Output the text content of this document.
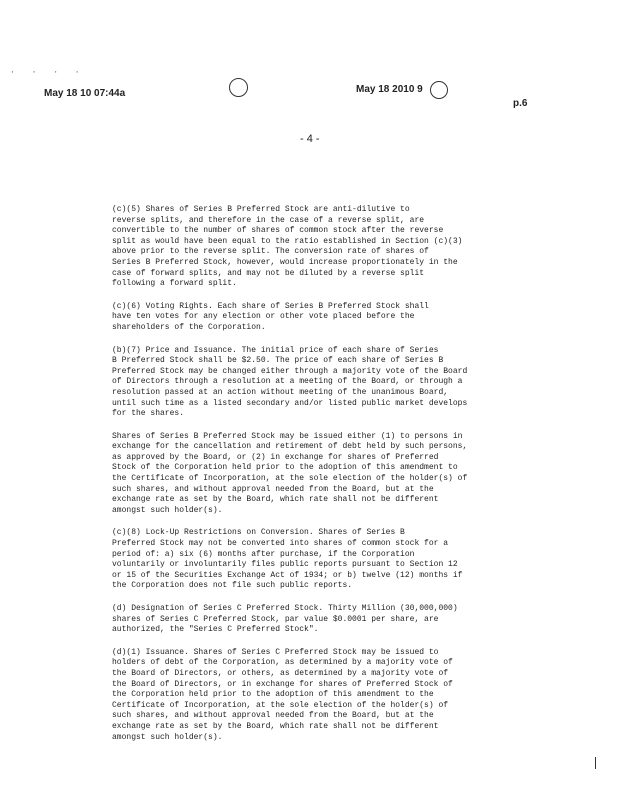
· · · ·
May 18 10 07:44a	May 18 2010 9
p.6
- 4 -

(c)(5) Shares of Series B Preferred Stock are anti-dilutive to
reverse splits, and therefore in the case of a reverse split, are
convertible to the number of shares of common stock after the reverse
split as would have been equal to the ratio established in Section (c)(3)
above prior to the reverse split. The conversion rate of shares of
Series B Preferred Stock, however, would increase proportionately in the
case of forward splits, and may not be diluted by a reverse split
following a forward split.

(c)(6) Voting Rights. Each share of Series B Preferred Stock shall
have ten votes for any election or other vote placed before the
shareholders of the Corporation.

(b)(7) Price and Issuance. The initial price of each share of Series
B Preferred Stock shall be $2.50. The price of each share of Series B
Preferred Stock may be changed either through a majority vote of the Board
of Directors through a resolution at a meeting of the Board, or through a
resolution passed at an action without meeting of the unanimous Board,
until such time as a listed secondary and/or listed public market develops
for the shares.

Shares of Series B Preferred Stock may be issued either (1) to persons in
exchange for the cancellation and retirement of debt held by such persons,
as approved by the Board, or (2) in exchange for shares of Preferred
Stock of the Corporation held prior to the adoption of this amendment to
the Certificate of Incorporation, at the sole election of the holder(s) of
such shares, and without approval needed from the Board, but at the
exchange rate as set by the Board, which rate shall not be different
amongst such holder(s).

(c)(8) Lock-Up Restrictions on Conversion. Shares of Series B
Preferred Stock may not be converted into shares of common stock for a
period of: a) six (6) months after purchase, if the Corporation
voluntarily or involuntarily files public reports pursuant to Section 12
or 15 of the Securities Exchange Act of 1934; or b) twelve (12) months if
the Corporation does not file such public reports.

(d) Designation of Series C Preferred Stock. Thirty Million (30,000,000)
shares of Series C Preferred Stock, par value $0.0001 per share, are
authorized, the "Series C Preferred Stock".

(d)(1) Issuance. Shares of Series C Preferred Stock may be issued to
holders of debt of the Corporation, as determined by a majority vote of
the Board of Directors, or others, as determined by a majority vote of
the Board of Directors, or in exchange for shares of Preferred Stock of
the Corporation held prior to the adoption of this amendment to the
Certificate of Incorporation, at the sole election of the holder(s) of
such shares, and without approval needed from the Board, but at the
exchange rate as set by the Board, which rate shall not be different
amongst such holder(s).
